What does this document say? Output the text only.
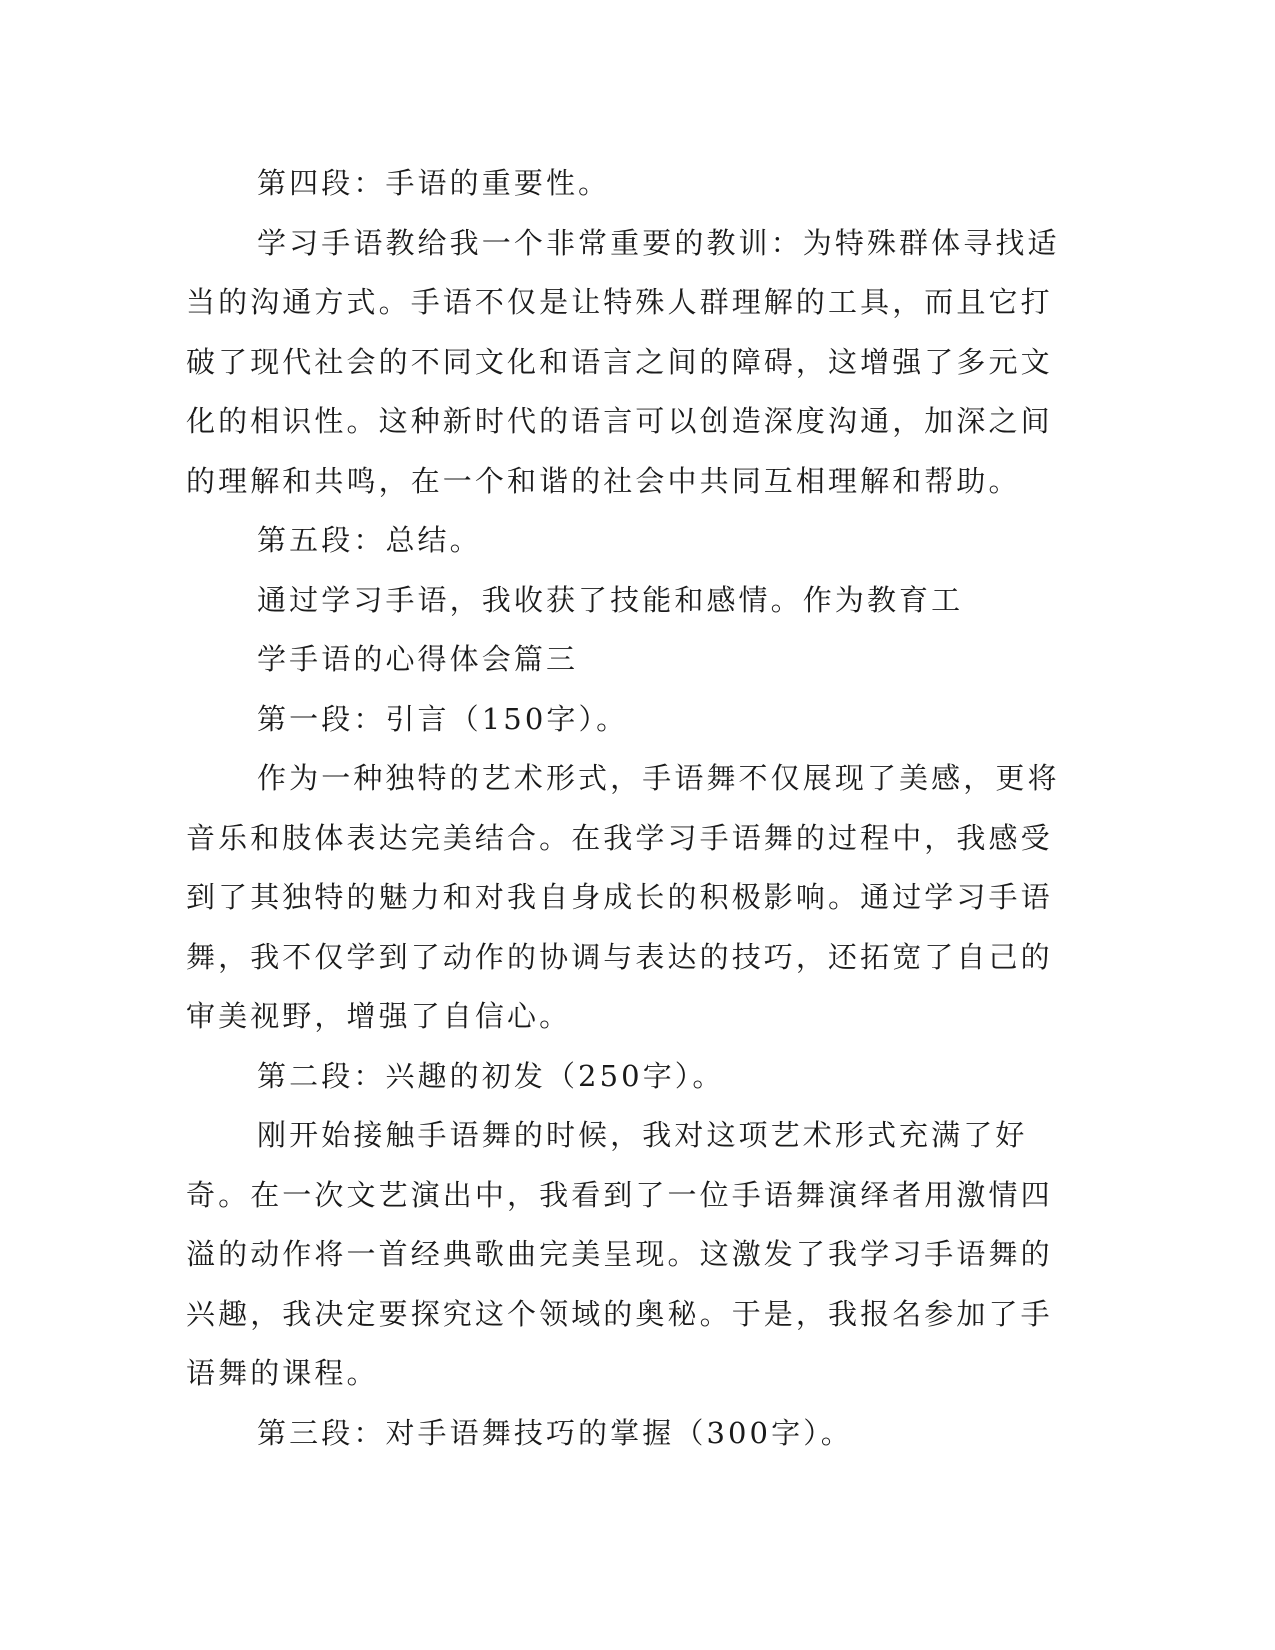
第四段：手语的重要性。

学习手语教给我一个非常重要的教训：为特殊群体寻找适当的沟通方式。手语不仅是让特殊人群理解的工具，而且它打破了现代社会的不同文化和语言之间的障碍，这增强了多元文化的相识性。这种新时代的语言可以创造深度沟通，加深之间的理解和共鸣，在一个和谐的社会中共同互相理解和帮助。

第五段：总结。

通过学习手语，我收获了技能和感情。作为教育工

学手语的心得体会篇三

第一段：引言（150字）。

作为一种独特的艺术形式，手语舞不仅展现了美感，更将音乐和肢体表达完美结合。在我学习手语舞的过程中，我感受到了其独特的魅力和对我自身成长的积极影响。通过学习手语舞，我不仅学到了动作的协调与表达的技巧，还拓宽了自己的审美视野，增强了自信心。

第二段：兴趣的初发（250字）。

刚开始接触手语舞的时候，我对这项艺术形式充满了好奇。在一次文艺演出中，我看到了一位手语舞演绎者用激情四溢的动作将一首经典歌曲完美呈现。这激发了我学习手语舞的兴趣，我决定要探究这个领域的奥秘。于是，我报名参加了手语舞的课程。

第三段：对手语舞技巧的掌握（300字）。
